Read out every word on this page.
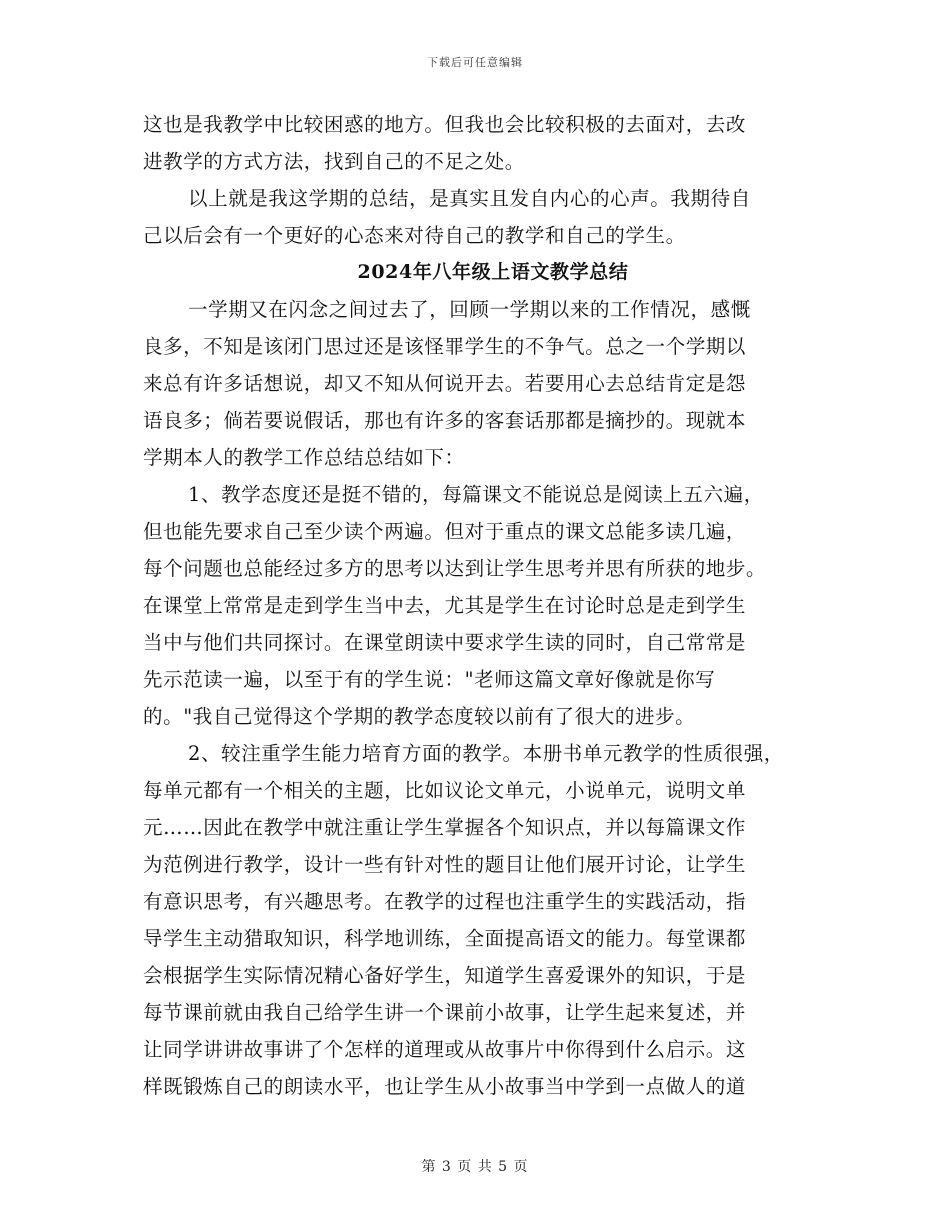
下载后可任意编辑
这也是我教学中比较困惑的地方。但我也会比较积极的去面对，去改
进教学的方式方法，找到自己的不足之处。
以上就是我这学期的总结，是真实且发自内心的心声。我期待自
己以后会有一个更好的心态来对待自己的教学和自己的学生。
2024年八年级上语文教学总结
一学期又在闪念之间过去了，回顾一学期以来的工作情况，感慨
良多，不知是该闭门思过还是该怪罪学生的不争气。总之一个学期以
来总有许多话想说，却又不知从何说开去。若要用心去总结肯定是怨
语良多；倘若要说假话，那也有许多的客套话那都是摘抄的。现就本
学期本人的教学工作总结总结如下：
1、教学态度还是挺不错的，每篇课文不能说总是阅读上五六遍，
但也能先要求自己至少读个两遍。但对于重点的课文总能多读几遍，
每个问题也总能经过多方的思考以达到让学生思考并思有所获的地步。
在课堂上常常是走到学生当中去，尤其是学生在讨论时总是走到学生
当中与他们共同探讨。在课堂朗读中要求学生读的同时，自己常常是
先示范读一遍，以至于有的学生说："老师这篇文章好像就是你写
的。"我自己觉得这个学期的教学态度较以前有了很大的进步。
2、较注重学生能力培育方面的教学。本册书单元教学的性质很强，
每单元都有一个相关的主题，比如议论文单元，小说单元，说明文单
元……因此在教学中就注重让学生掌握各个知识点，并以每篇课文作
为范例进行教学，设计一些有针对性的题目让他们展开讨论，让学生
有意识思考，有兴趣思考。在教学的过程也注重学生的实践活动，指
导学生主动猎取知识，科学地训练，全面提高语文的能力。每堂课都
会根据学生实际情况精心备好学生，知道学生喜爱课外的知识，于是
每节课前就由我自己给学生讲一个课前小故事，让学生起来复述，并
让同学讲讲故事讲了个怎样的道理或从故事片中你得到什么启示。这
样既锻炼自己的朗读水平，也让学生从小故事当中学到一点做人的道
第 3 页 共 5 页
